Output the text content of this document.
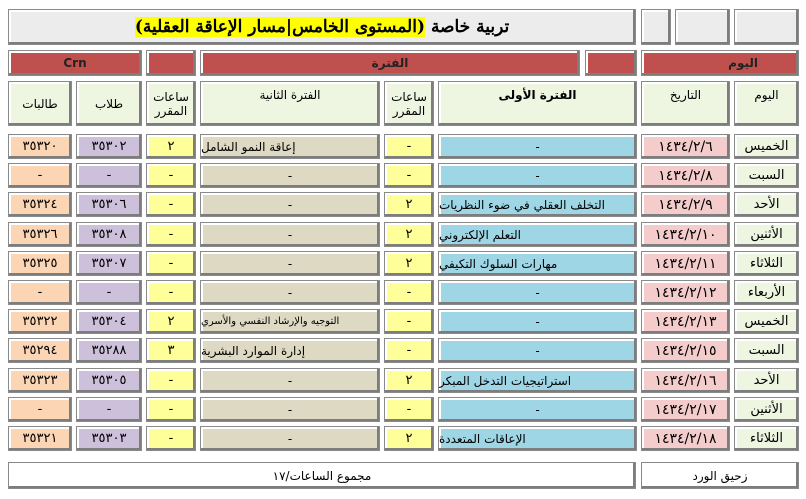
تربية خاصة (المستوى الخامس|مسار الإعاقة العقلية)
Crn	الفترة	اليوم
طالبات	طلاب	ساعات المقرر
الفترة الثانية	ساعات المقرر
الفترة الأولى	التاريخ	اليوم
٣٥٣٢٠	٣٥٣٠٢	٢	إعاقة النمو الشامل	-	-	١٤٣٤/٢/٦	الخميس
-	-	-	-	-	-	١٤٣٤/٢/٨	السبت
٣٥٣٢٤	٣٥٣٠٦	-	-	٢	التخلف العقلي في ضوء النظريات	١٤٣٤/٢/٩	الأحد
٣٥٣٢٦	٣٥٣٠٨	-	-	٢	التعلم الإلكتروني	١٤٣٤/٢/١٠	الأثنين
٣٥٣٢٥	٣٥٣٠٧	-	-	٢	مهارات السلوك التكيفي	١٤٣٤/٢/١١	الثلاثاء
-	-	-	-	-	-	١٤٣٤/٢/١٢	الأربعاء
٣٥٣٢٢	٣٥٣٠٤	٢	التوجيه والإرشاد النفسي والأسري	-	-	١٤٣٤/٢/١٣	الخميس
٣٥٢٩٤	٣٥٢٨٨	٣	إدارة الموارد البشرية	-	-	١٤٣٤/٢/١٥	السبت
٣٥٣٢٣	٣٥٣٠٥	-	-	٢	استراتيجيات التدخل المبكر	١٤٣٤/٢/١٦	الأحد
-	-	-	-	-	-	١٤٣٤/٢/١٧	الأثنين
٣٥٣٢١	٣٥٣٠٣	-	-	٢	الإعاقات المتعددة	١٤٣٤/٢/١٨	الثلاثاء
مجموع الساعات/١٧	زحيق الورد
